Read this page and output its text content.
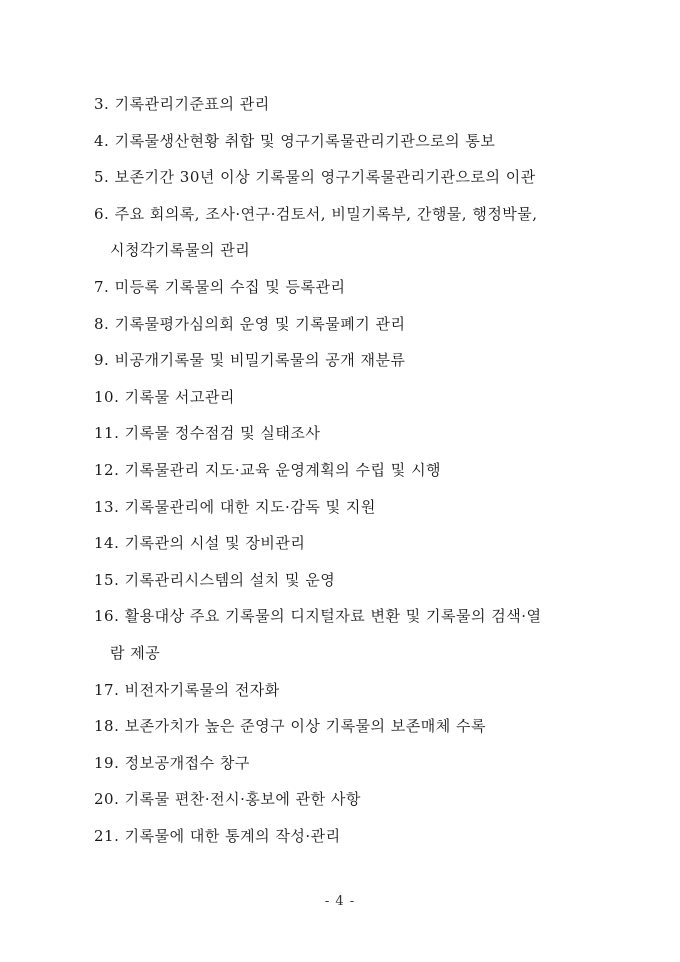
3. 기록관리기준표의 관리
4. 기록물생산현황 취합 및 영구기록물관리기관으로의 통보
5. 보존기간 30년 이상 기록물의 영구기록물관리기관으로의 이관
6. 주요 회의록, 조사·연구·검토서, 비밀기록부, 간행물, 행정박물,
시청각기록물의 관리
7. 미등록 기록물의 수집 및 등록관리
8. 기록물평가심의회 운영 및 기록물폐기 관리
9. 비공개기록물 및 비밀기록물의 공개 재분류
10. 기록물 서고관리
11. 기록물 정수점검 및 실태조사
12. 기록물관리 지도·교육 운영계획의 수립 및 시행
13. 기록물관리에 대한 지도·감독 및 지원
14. 기록관의 시설 및 장비관리
15. 기록관리시스템의 설치 및 운영
16. 활용대상 주요 기록물의 디지털자료 변환 및 기록물의 검색·열
람 제공
17. 비전자기록물의 전자화
18. 보존가치가 높은 준영구 이상 기록물의 보존매체 수록
19. 정보공개접수 창구
20. 기록물 편찬·전시·홍보에 관한 사항
21. 기록물에 대한 통계의 작성·관리
- 4 -
